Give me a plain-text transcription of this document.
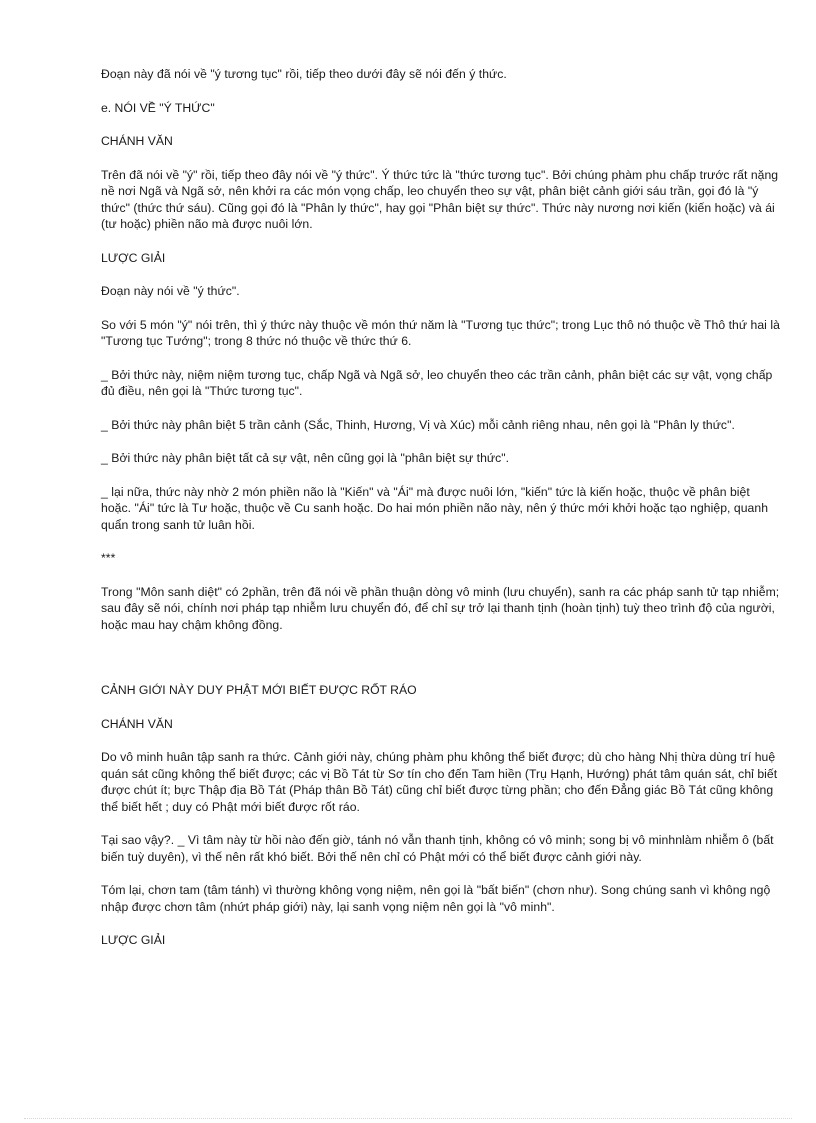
Đoạn này đã nói về "ý tương tục" rồi, tiếp theo dưới đây sẽ nói đến ý thức.

e. NÓI VỀ "Ý THỨC"

CHÁNH VĂN

Trên đã nói về "ý" rồi, tiếp theo đây nói về "ý thức". Ý thức tức là "thức tương tục". Bởi chúng phàm phu chấp trước rất nặng nề nơi Ngã và Ngã sở, nên khởi ra các món vọng chấp, leo chuyển theo sự vật, phân biệt cảnh giới sáu trần, gọi đó là "ý thức" (thức thứ sáu). Cũng gọi đó là "Phân ly thức", hay gọi "Phân biệt sự thức". Thức này nương nơi kiến (kiến hoặc) và ái (tư hoặc) phiền não mà được nuôi lớn.

LƯỢC GIẢI

Đoạn này nói về "ý thức".

So với 5 món "ý" nói trên, thì ý thức này thuộc về món thứ năm là "Tương tục thức"; trong Lục thô nó thuộc về Thô thứ hai là "Tương tục Tướng"; trong 8 thức nó thuộc về thức thứ 6.

_ Bởi thức này, niệm niệm tương tục, chấp Ngã và Ngã sở, leo chuyển theo các trần cảnh, phân biệt các sự vật, vọng chấp đủ điều, nên gọi là "Thức tương tục".

_ Bởi thức này phân biệt 5 trần cảnh (Sắc, Thinh, Hương, Vị và Xúc) mỗi cảnh riêng nhau, nên gọi là "Phân ly thức".

_ Bởi thức này phân biệt tất cả sự vật, nên cũng gọi là "phân biệt sự thức".

_ lại nữa, thức này nhờ 2 món phiền não là "Kiến" và "Ái" mà được nuôi lớn, "kiến" tức là kiến hoặc, thuộc về phân biệt hoặc. "Ái" tức là Tư hoặc, thuộc về Cu sanh hoặc. Do hai món phiền não này, nên ý thức mới khởi hoặc tạo nghiệp, quanh quẩn trong sanh tử luân hồi.

***

Trong "Môn sanh diệt" có 2phần, trên đã nói về phần thuận dòng vô minh (lưu chuyển), sanh ra các pháp sanh tử tạp nhiễm; sau đây sẽ nói, chính nơi pháp tạp nhiễm lưu chuyển đó, để chỉ sự trở lại thanh tịnh (hoàn tịnh) tuỳ theo trình độ của người, hoặc mau hay chậm không đồng.

CẢNH GIỚI NÀY DUY PHẬT MỚI BIẾT ĐƯỢC RỐT RÁO

CHÁNH VĂN

Do vô minh huân tập sanh ra thức. Cảnh giới này, chúng phàm phu không thể biết được; dù cho hàng Nhị thừa dùng trí huệ quán sát cũng không thể biết được; các vị Bồ Tát từ Sơ tín cho đến Tam hiền (Trụ Hạnh, Hướng) phát tâm quán sát, chỉ biết được chút ít; bực Thập địa Bồ Tát (Pháp thân Bồ Tát) cũng chỉ biết được từng phần; cho đến Đẳng giác Bồ Tát cũng không thể biết hết ; duy có Phật mới biết được rốt ráo.

Tại sao vậy?. _ Vì tâm này từ hồi nào đến giờ, tánh nó vẫn thanh tịnh, không có vô minh; song bị vô minhnlàm nhiễm ô (bất biến tuỳ duyên), vì thế nên rất khó biết. Bởi thế nên chỉ có Phật mới có thể biết được cảnh giới này.

Tóm lại, chơn tam (tâm tánh) vì thường không vọng niệm, nên gọi là "bất biến" (chơn như). Song chúng sanh vì không ngộ nhập được chơn tâm (nhứt pháp giới) này, lại sanh vọng niệm nên gọi là "vô minh".

LƯỢC GIẢI
